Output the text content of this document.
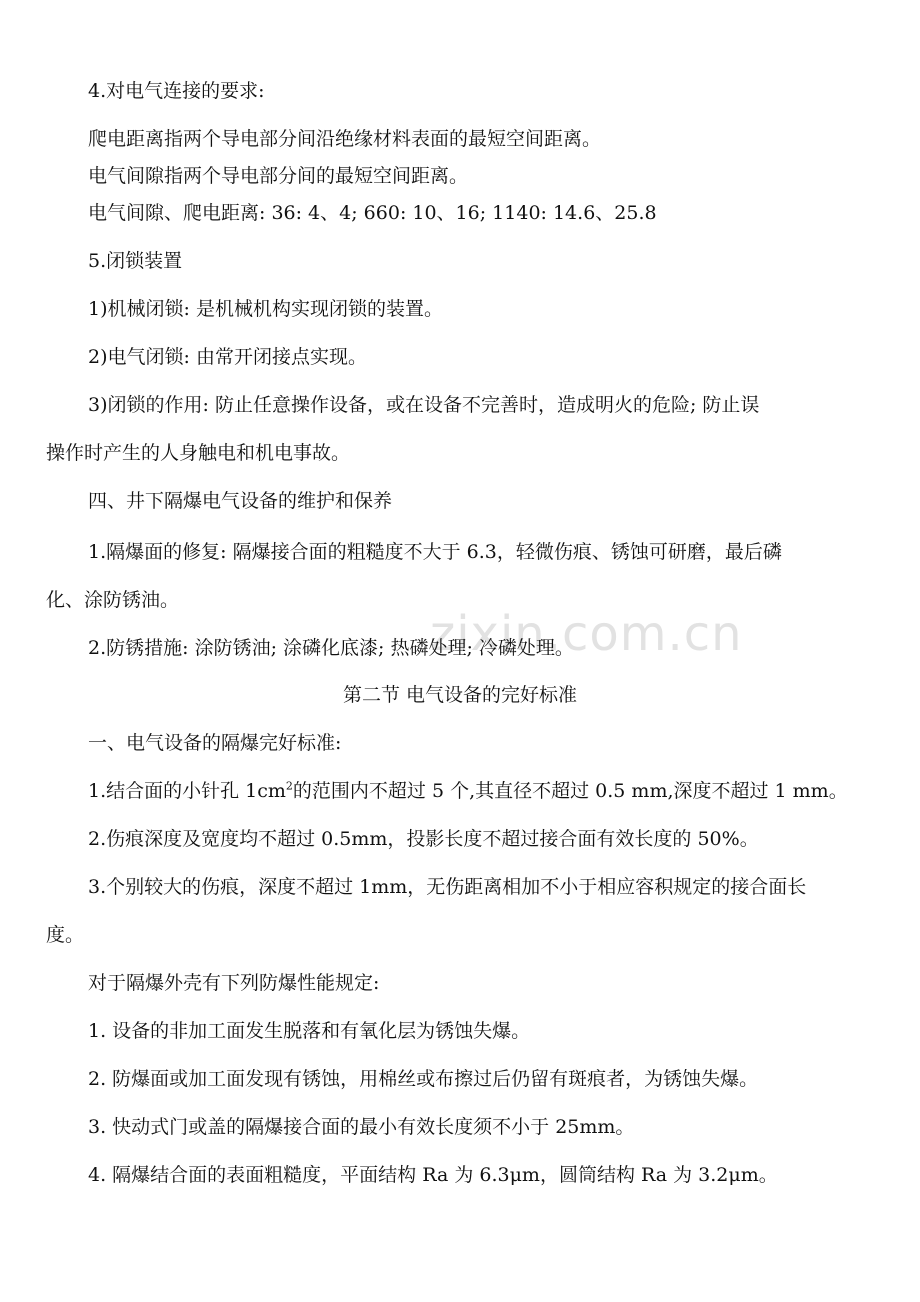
zixin.com.cn
4.对电气连接的要求:
爬电距离指两个导电部分间沿绝缘材料表面的最短空间距离。
电气间隙指两个导电部分间的最短空间距离。
电气间隙、爬电距离: 36: 4、4; 660: 10、16; 1140: 14.6、25.8
5.闭锁装置
1)机械闭锁: 是机械机构实现闭锁的装置。
2)电气闭锁: 由常开闭接点实现。
3)闭锁的作用: 防止任意操作设备，或在设备不完善时，造成明火的危险; 防止误
操作时产生的人身触电和机电事故。
四、井下隔爆电气设备的维护和保养
1.隔爆面的修复: 隔爆接合面的粗糙度不大于 6.3，轻微伤痕、锈蚀可研磨，最后磷
化、涂防锈油。
2.防锈措施: 涂防锈油; 涂磷化底漆; 热磷处理; 冷磷处理。
第二节 电气设备的完好标准
一、电气设备的隔爆完好标准:
1.结合面的小针孔 $1cm^2$的范围内不超过 5 个,其直径不超过 0.5 mm,深度不超过 1 mm。
2.伤痕深度及宽度均不超过 0.5mm，投影长度不超过接合面有效长度的 50%。
3.个别较大的伤痕，深度不超过 1mm，无伤距离相加不小于相应容积规定的接合面长
度。
对于隔爆外壳有下列防爆性能规定:
1. 设备的非加工面发生脱落和有氧化层为锈蚀失爆。
2. 防爆面或加工面发现有锈蚀，用棉丝或布擦过后仍留有斑痕者，为锈蚀失爆。
3. 快动式门或盖的隔爆接合面的最小有效长度须不小于 25mm。
4. 隔爆结合面的表面粗糙度，平面结构 Ra 为 6.3μm，圆筒结构 Ra 为 3.2μm。
